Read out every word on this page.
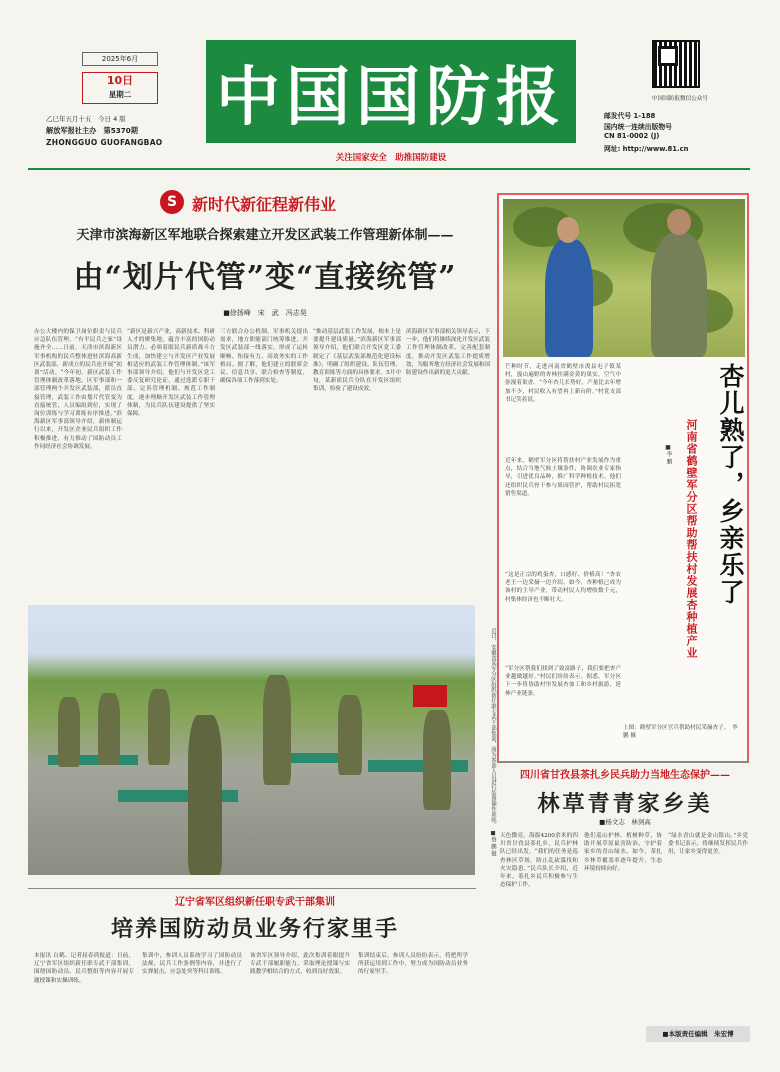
2025年6月
10日
星期二
乙巳年五月十五　 今日 4 版
解放军报社主办　 第5370期
ZHONGGUO GUOFANGBAO
中国国防报
关注国家安全　助推国防建设
中国国防报微信公众号
邮发代号 1-188
国内统一连续出版物号
CN 81-0002 (J)
网址: http://www.81.cn
S 新时代新征程新伟业
天津市滨海新区军地联合探索建立开发区武装工作管理新体制——
由“划片代管”变“直接统管”
■徐扬峰　宋　武　冯志昊
办公大楼内的保卫岗位职责与民兵应急队伍管理，“有平民兵之家”设施齐全……日前，天津市滨海新区军事机构的民兵整体进驻滨海高新区武装部，新成立的民兵连开展“初训”活动。“今年初，新区武装工作管理体制改革落地，区军事部和一部管理两个开发区武装部，派员直接管理，武装工作由划片代管变为直接统管，人员编组到位，实现了岗位训练与学习训练有序推进。”滨海新区军事部领导介绍，新体制运行以来，开发区企业民兵组织工作积极推进，有力推动了国防动员工作同经济社会协调发展。
“新区是新兴产业，高新技术、科研人才的聚集地，蕴含丰富的国防动员潜力。必须着眼民兵新质战斗力生成，加快建立与开发区产业发展相适应的武装工作管理体制。”该军事部领导介绍，他们与开发区党工委反复研究论证，通过选派专职干部、完善管理机制、规范工作制度，逐步理顺开发区武装工作管理体制，为民兵队伍建设提供了坚实保障。
三方联合办公机制，军事机关提出需求，地方职能部门统筹推进，开发区武装部一线落实，形成了运转顺畅、衔接有力、高效务实的工作格局。据了解，他们建立的联席会议、信息共享、联合检查等制度，确保各项工作落到实处。
“推动基层武装工作发展，根本上是要提升建设质量。”滨海新区军事部领导介绍，他们联合开发区党工委制定了《基层武装部规范化建设标准》，明确了组织建设、队伍管理、教育训练等方面的具体要求。5月中旬，某新质民兵分队在开发区组织集训，检验了建设成效。
滨海新区军事部相关领导表示，下一步，他们将继续深化开发区武装工作管理体制改革，完善配套制度，推动开发区武装工作提质增效，为服务地方经济社会发展和国防建设作出新的更大贡献。
芒种时节，走进河南省鹤壁市浚县屯子镇某村，漫山遍野的杏林挂满金黄的果实，空气中弥漫着果香。“今年杏儿长势好，产量比去年增加不少，村民收入有望再上新台阶。”村党支部书记笑着说。
近年来，鹤壁军分区将帮扶村产业发展作为重点，结合当地气候土壤条件，协调农业专家指导，引进优良品种，推广科学种植技术。他们还组织民兵骨干参与果园管护，帮助村民拓宽销售渠道。
“这是正宗的鸡蛋杏，口感好、价格高！”杏农老王一边采摘一边介绍。如今，杏种植已成为该村的主导产业，带动村民人均增收数千元，村集体经济也不断壮大。
“军分区帮我们找到了致富路子，我们要把杏产业越做越好。”村民们纷纷表示。据悉，军分区下一步将协助村里发展杏加工和乡村旅游，延伸产业链条。
杏儿熟了，乡亲乐了
河南省鹤壁军分区帮助帮扶村发展杏种植产业
■李 鹏
上图：鹤壁军分区官兵帮助村民采摘杏子。　李鹏 摄
近日，安徽省某军分区组织新任职专武干部集训，图为参训人员进行装备操作训练。　■蔡 鹏 摄
辽宁省军区组织新任职专武干部集训
培养国防动员业务行家里手
本报讯 白鹤、记者屈春鸿报道：日前，辽宁省军区组织新任职专武干部集训，围绕国防动员、民兵整组等内容开展专题授课和实操训练。
集训中，参训人员系统学习了国防动员法规、民兵工作条例等内容，并进行了实弹射击、应急处突等科目训练。
该省军区领导介绍，此次集训着眼提升专武干部履职能力，采取理论授课与实践教学相结合的方式，收到良好效果。
集训结束后，参训人员纷纷表示，将把所学所获运用到工作中，努力成为国防动员业务的行家里手。
四川省甘孜县茶扎乡民兵助力当地生态保护——
林草青青家乡美
■杨文志　林剑高
天色微亮，海拔4200余米的四川省甘孜县茶扎乡，民兵护林队已经出发。“我们的任务是巡查林区草场，防止乱砍滥伐和火灾隐患。”民兵队长介绍，近年来，茶扎乡民兵积极参与生态保护工作。
他们巡山护林、植树种草，协助开展草原鼠害防治，守护着家乡的青山绿水。如今，茶扎乡林草覆盖率逐年提升，生态环境持续向好。
“绿水青山就是金山银山。”乡党委书记表示，将继续发挥民兵作用，让家乡变得更美。
■本版责任编辑　朱宏博
